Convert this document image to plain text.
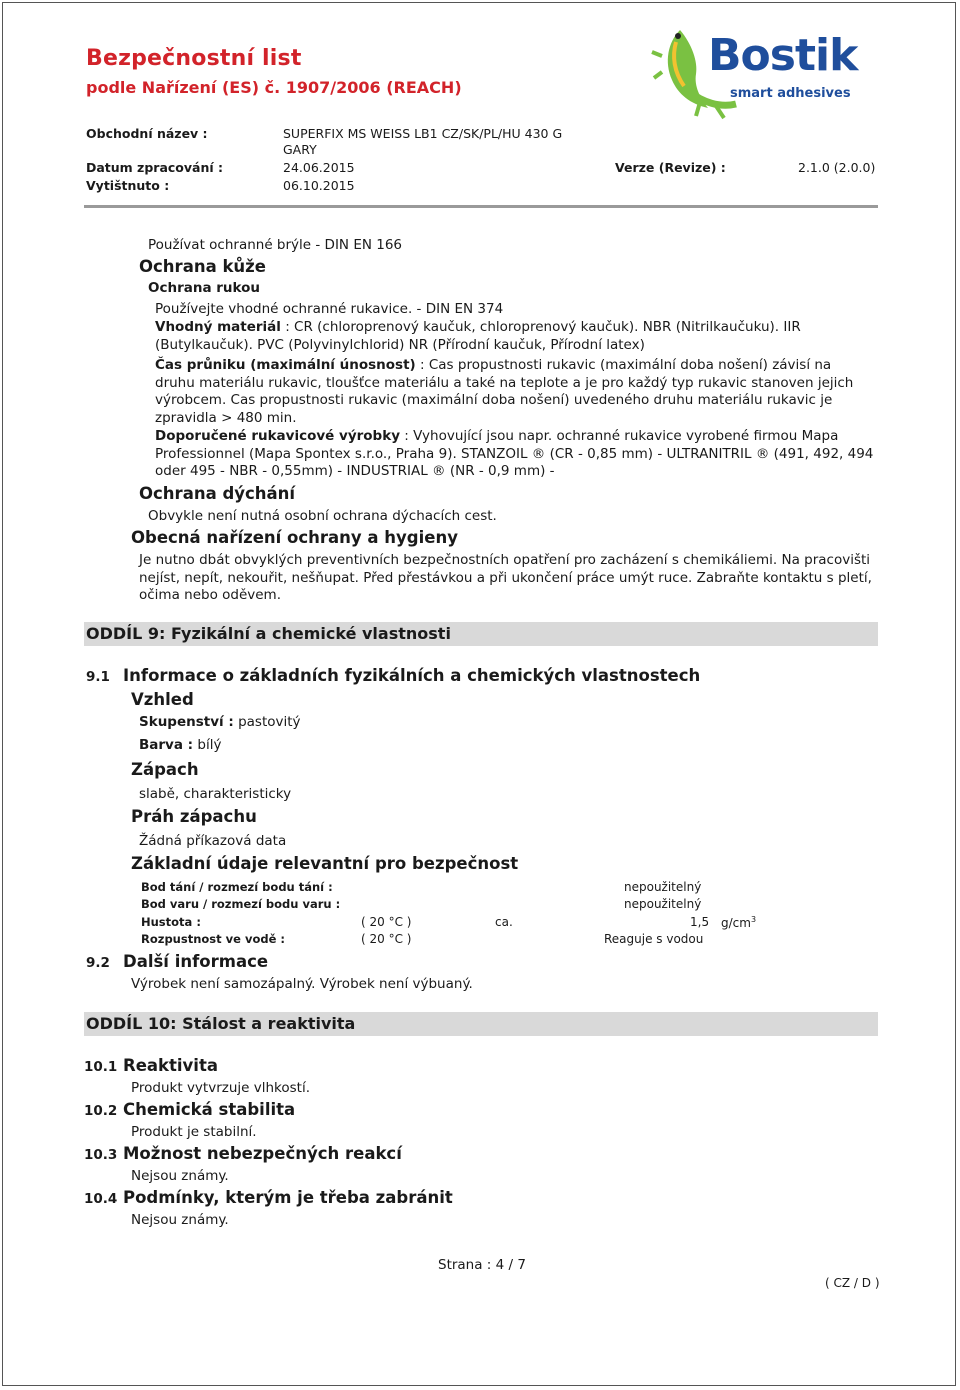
Bezpečnostní list
podle Nařízení (ES) č. 1907/2006 (REACH)
Bostik
smart adhesives
Obchodní název :	SUPERFIX MS WEISS LB1 CZ/SK/PL/HU 430 G
GARY
Datum zpracování :	24.06.2015	Verze (Revize) :	2.1.0 (2.0.0)
Vytištnuto :	06.10.2015
Používat ochranné brýle - DIN EN 166
Ochrana kůže
Ochrana rukou
Používejte vhodné ochranné rukavice. - DIN EN 374
Vhodný materiál : CR (chloroprenový kaučuk, chloroprenový kaučuk). NBR (Nitrilkaučuku). IIR (Butylkaučuk). PVC (Polyvinylchlorid) NR (Přírodní kaučuk, Přírodní latex)
Čas průniku (maximální únosnost) : Cas propustnosti rukavic (maximální doba nošení) závisí na druhu materiálu rukavic, tloušťce materiálu a také na teplote a je pro každý typ rukavic stanoven jejich výrobcem. Cas propustnosti rukavic (maximální doba nošení) uvedeného druhu materiálu rukavic je zpravidla > 480 min.
Doporučené rukavicové výrobky : Vyhovující jsou napr. ochranné rukavice vyrobené firmou Mapa Professionnel (Mapa Spontex s.r.o., Praha 9). STANZOIL ® (CR - 0,85 mm) - ULTRANITRIL ® (491, 492, 494 oder 495 - NBR - 0,55mm) - INDUSTRIAL ® (NR - 0,9 mm) -
Ochrana dýchání
Obvykle není nutná osobní ochrana dýchacích cest.
Obecná nařízení ochrany a hygieny
Je nutno dbát obvyklých preventivních bezpečnostních opatření pro zacházení s chemikáliemi. Na pracovišti nejíst, nepít, nekouřit, nešňupat. Před přestávkou a při ukončení práce umýt ruce. Zabraňte kontaktu s pletí, očima nebo oděvem.
ODDÍL 9: Fyzikální a chemické vlastnosti
9.1 Informace o základních fyzikálních a chemických vlastnostech
Vzhled
Skupenství : pastovitý
Barva : bílý
Zápach
slabě, charakteristicky
Práh zápachu
Žádná příkazová data
Základní údaje relevantní pro bezpečnost
Bod tání / rozmezí bodu tání :	nepoužitelný
Bod varu / rozmezí bodu varu :	nepoužitelný
Hustota :	( 20 °C )	ca.	1,5 $g/cm^3$
Rozpustnost ve vodě :	( 20 °C )	Reaguje s vodou
9.2 Další informace
Výrobek není samozápalný. Výrobek není výbuaný.
ODDÍL 10: Stálost a reaktivita
10.1 Reaktivita
Produkt vytvrzuje vlhkostí.
10.2 Chemická stabilita
Produkt je stabilní.
10.3 Možnost nebezpečných reakcí
Nejsou známy.
10.4 Podmínky, kterým je třeba zabránit
Nejsou známy.
Strana : 4 / 7
( CZ / D )
